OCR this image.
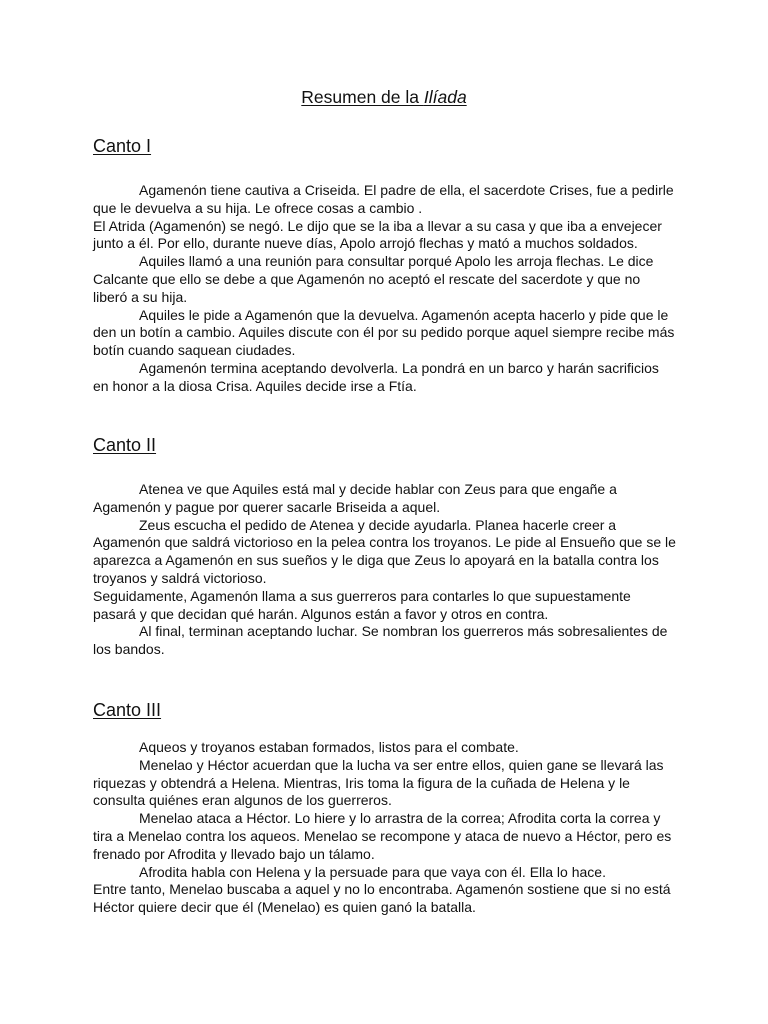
Resumen de la Ilíada
Canto I

Agamenón tiene cautiva a Criseida. El padre de ella, el sacerdote Crises, fue a pedirle que le devuelva a su hija. Le ofrece cosas a cambio .

El Atrida (Agamenón) se negó. Le dijo que se la iba a llevar a su casa y que iba a envejecer junto a él. Por ello, durante nueve días, Apolo arrojó flechas y mató a muchos soldados.

Aquiles llamó a una reunión para consultar porqué Apolo les arroja flechas. Le dice Calcante que ello se debe a que Agamenón no aceptó el rescate del sacerdote y que no liberó a su hija.

Aquiles le pide a Agamenón que la devuelva. Agamenón acepta hacerlo y pide que le den un botín a cambio. Aquiles discute con él por su pedido porque aquel siempre recibe más botín cuando saquean ciudades.

Agamenón termina aceptando devolverla. La pondrá en un barco y harán sacrificios en honor a la diosa Crisa. Aquiles decide irse a Ftía.

Canto II

Atenea ve que Aquiles está mal y decide hablar con Zeus para que engañe a Agamenón y pague por querer sacarle Briseida a aquel.

Zeus escucha el pedido de Atenea y decide ayudarla. Planea hacerle creer a Agamenón que saldrá victorioso en la pelea contra los troyanos. Le pide al Ensueño que se le aparezca a Agamenón en sus sueños y le diga que Zeus lo apoyará en la batalla contra los troyanos y saldrá victorioso.

Seguidamente, Agamenón llama a sus guerreros para contarles lo que supuestamente pasará y que decidan qué harán. Algunos están a favor y otros en contra.

Al final, terminan aceptando luchar. Se nombran los guerreros más sobresalientes de los bandos.

Canto III

Aqueos y troyanos estaban formados, listos para el combate.

Menelao y Héctor acuerdan que la lucha va ser entre ellos, quien gane se llevará las riquezas y obtendrá a Helena. Mientras, Iris toma la figura de la cuñada de Helena y le consulta quiénes eran algunos de los guerreros.

Menelao ataca a Héctor. Lo hiere y lo arrastra de la correa; Afrodita corta la correa y tira a Menelao contra los aqueos. Menelao se recompone y ataca de nuevo a Héctor, pero es frenado por Afrodita y llevado bajo un tálamo.

Afrodita habla con Helena y la persuade para que vaya con él. Ella lo hace.

Entre tanto, Menelao buscaba a aquel y no lo encontraba. Agamenón sostiene que si no está Héctor quiere decir que él (Menelao) es quien ganó la batalla.
